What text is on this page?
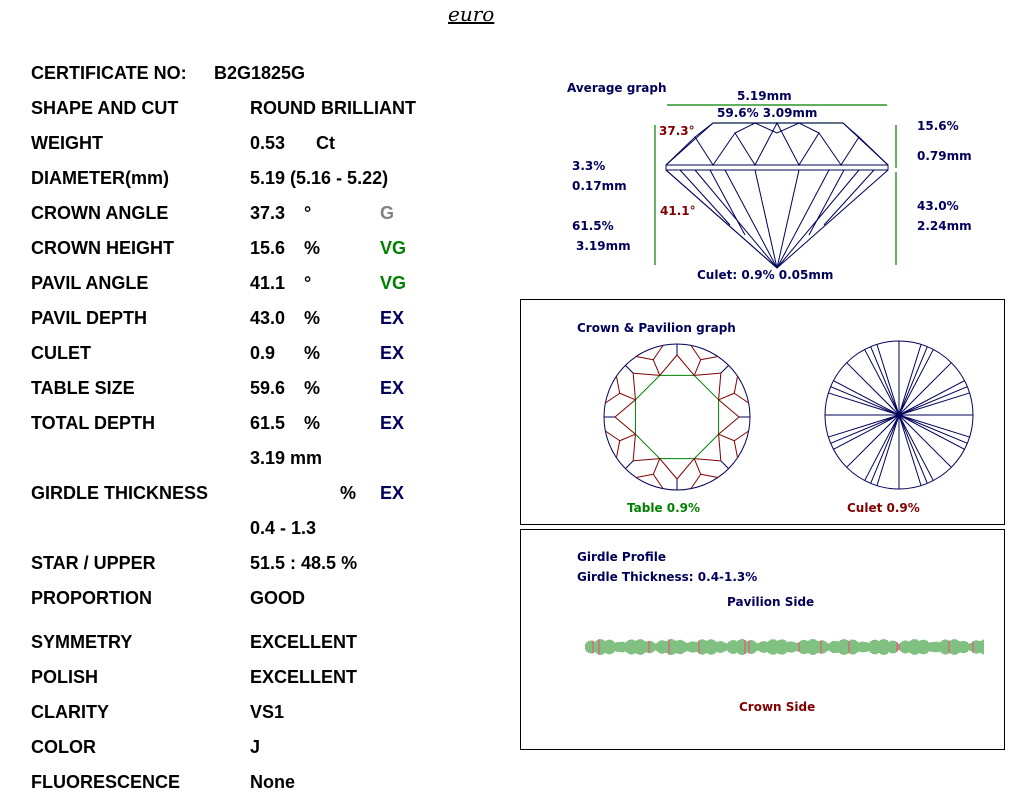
euro
CERTIFICATE NO: B2G1825G
SHAPE AND CUT	ROUND BRILLIANT
WEIGHT	0.53 Ct
DIAMETER(mm)	5.19 (5.16 - 5.22)
CROWN ANGLE	37.3 °	G
CROWN HEIGHT	15.6 %	VG
PAVIL ANGLE	41.1 °	VG
PAVIL DEPTH	43.0 %	EX
CULET	0.9 %	EX
TABLE SIZE	59.6 %	EX
TOTAL DEPTH	61.5 %	EX
3.19 mm
GIRDLE THICKNESS	% EX
0.4 - 1.3
STAR / UPPER	51.5 : 48.5 %
PROPORTION	GOOD
SYMMETRY	EXCELLENT
POLISH	EXCELLENT
CLARITY	VS1
COLOR	J
FLUORESCENCE	None
Average graph
5.19mm
59.6% 3.09mm
37.3°
41.1°
15.6%
0.79mm
3.3%
0.17mm
61.5%
3.19mm
43.0%
2.24mm
Culet: 0.9% 0.05mm
Crown & Pavilion graph
Table 0.9%	Culet 0.9%
Girdle Profile
Girdle Thickness: 0.4-1.3%
Pavilion Side
Crown Side
